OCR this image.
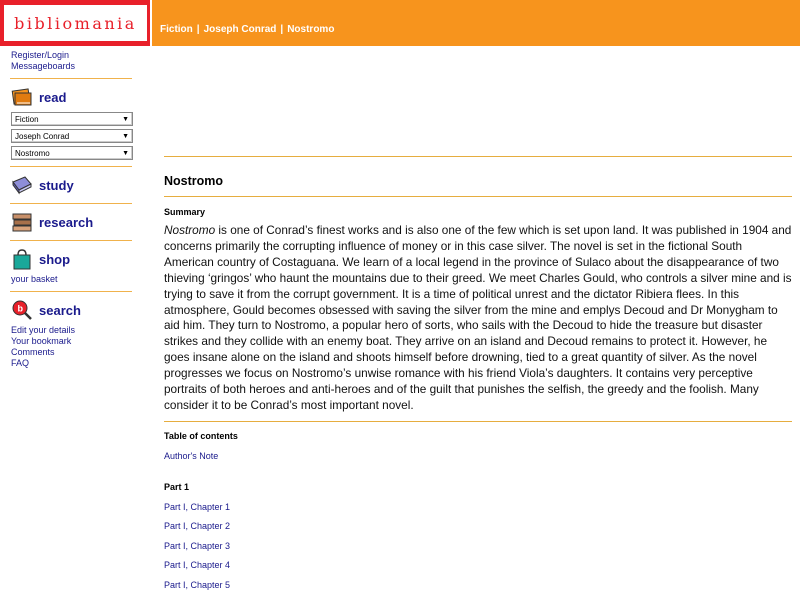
bibliomania Fiction | Joseph Conrad | Nostromo
Register/Login
Messageboards
read
Fiction	▼
Joseph Conrad	▼
Nostromo	▼
study
research
shop
your basket
b search
Edit your details
Your bookmark
Comments
FAQ
Nostromo
Summary
Nostromo is one of Conrad’s finest works and is also one of the few which is set upon land. It was published in 1904 and concerns primarily the corrupting influence of money or in this case silver. The novel is set in the fictional South American country of Costaguana. We learn of a local legend in the province of Sulaco about the disappearance of two thieving ‘gringos’ who haunt the mountains due to their greed. We meet Charles Gould, who controls a silver mine and is trying to save it from the corrupt government. It is a time of political unrest and the dictator Ribiera flees. In this atmosphere, Gould becomes obsessed with saving the silver from the mine and emplys Decoud and Dr Monygham to aid him. They turn to Nostromo, a popular hero of sorts, who sails with the Decoud to hide the treasure but disaster strikes and they collide with an enemy boat. They arrive on an island and Decoud remains to protect it. However, he goes insane alone on the island and shoots himself before drowning, tied to a great quantity of silver. As the novel progresses we focus on Nostromo’s unwise romance with his friend Viola’s daughters. It contains very perceptive portraits of both heroes and anti-heroes and of the guilt that punishes the selfish, the greedy and the foolish. Many consider it to be Conrad’s most important novel.
Table of contents
Author's Note
Part 1
Part I, Chapter 1
Part I, Chapter 2
Part I, Chapter 3
Part I, Chapter 4
Part I, Chapter 5
